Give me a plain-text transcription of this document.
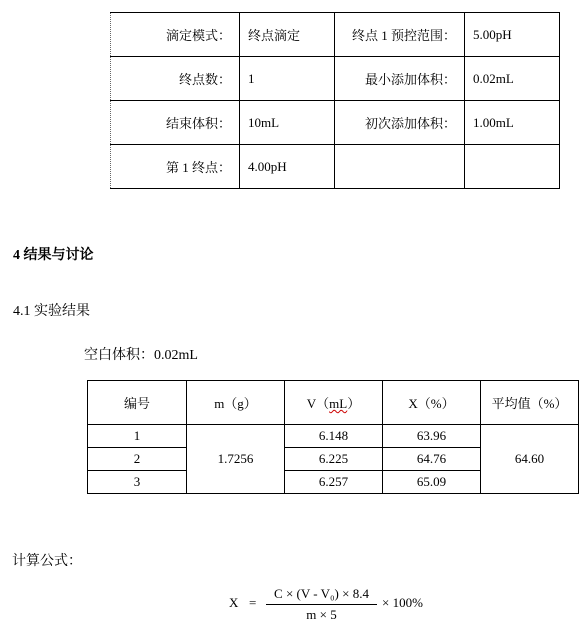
滴定模式：	终点滴定	终点 1 预控范围：	5.00pH
终点数：	1	最小添加体积：	0.02mL
结束体积：	10mL	初次添加体积：	1.00mL
第 1 终点：	4.00pH		
4 结果与讨论
4.1 实验结果
空白体积：0.02mL
编号	m（g）	V（mL）	X（%）	平均值（%）
1	1.7256	6.148	63.96	64.60
2		6.225	64.76	
3		6.257	65.09	
计算公式：
X =
C × (V - V₀) × 8.4
m × 5
× 100%
